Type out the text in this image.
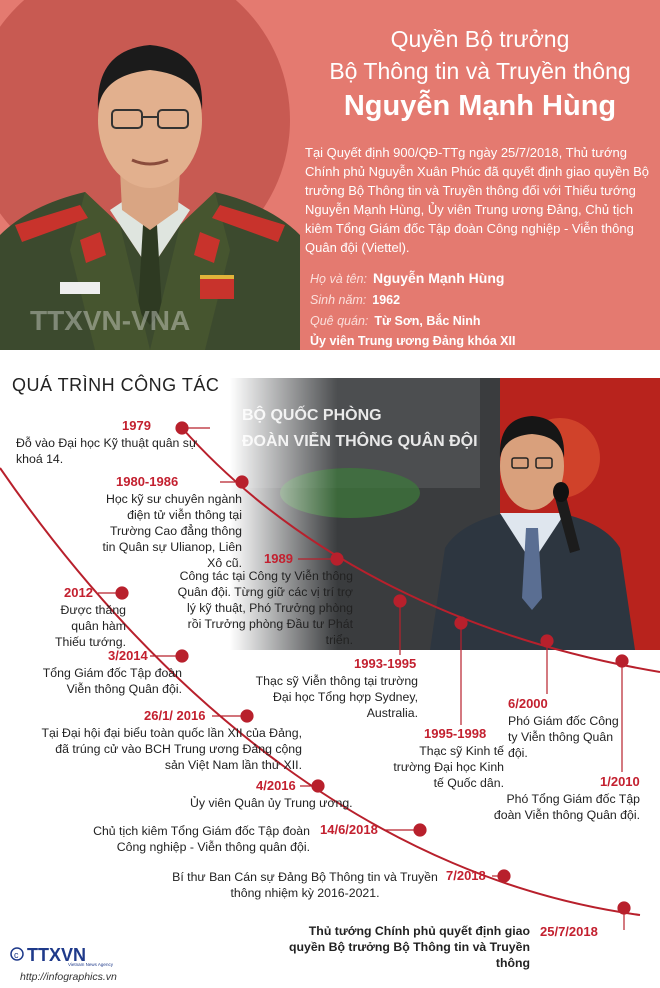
TTXVN-VNA
Quyền Bộ trưởng
Bộ Thông tin và Truyền thông
Nguyễn Mạnh Hùng
Tại Quyết định 900/QĐ-TTg ngày 25/7/2018, Thủ tướng Chính phủ Nguyễn Xuân Phúc đã quyết định giao quyền Bộ trưởng Bộ Thông tin và Truyền thông đối với Thiếu tướng Nguyễn Mạnh Hùng, Ủy viên Trung ương Đảng, Chủ tịch kiêm Tổng Giám đốc Tập đoàn Công nghiệp - Viễn thông Quân đội (Viettel).
Họ và tên: Nguyễn Mạnh Hùng
Sinh năm: 1962
Quê quán: Từ Sơn, Bắc Ninh
Ủy viên Trung ương Đảng khóa XII
QUÁ TRÌNH CÔNG TÁC
1979
Đỗ vào Đại học Kỹ thuật quân sự khoá 14.
1980-1986
Học kỹ sư chuyên ngành điện tử viễn thông tại Trường Cao đẳng thông tin Quân sự Ulianop, Liên Xô cũ. 1989
Công tác tại Công ty Viễn thông Quân đội. Từng giữ các vị trí trợ lý kỹ thuật, Phó Trưởng phòng rồi Trưởng phòng Đầu tư Phát triển.
2012
Được thăng quân hàm Thiếu tướng.
3/2014
Tổng Giám đốc Tập đoàn Viễn thông Quân đội.
26/1/ 2016
Tại Đại hội đại biểu toàn quốc lần XII của Đảng, đã trúng cử vào BCH Trung ương Đảng cộng sản Việt Nam lần thứ XII.
4/2016
Ủy viên Quân ủy Trung ương.
14/6/2018
Chủ tịch kiêm Tổng Giám đốc Tập đoàn Công nghiệp - Viễn thông quân đội.
7/2018
Bí thư Ban Cán sự Đảng Bộ Thông tin và Truyền thông nhiệm kỳ 2016-2021.
25/7/2018
Thủ tướng Chính phủ quyết định giao quyền Bộ trưởng Bộ Thông tin và Truyền thông
1993-1995
Thạc sỹ Viễn thông tại trường Đại học Tổng hợp Sydney, Australia.
1995-1998
Thạc sỹ Kinh tế trường Đại học Kinh tế Quốc dân.
6/2000
Phó Giám đốc Công ty Viễn thông Quân đội.
1/2010
Phó Tổng Giám đốc Tập đoàn Viễn thông Quân đội.
c TTXVN
Vietnam News Agency
http://infographics.vn
